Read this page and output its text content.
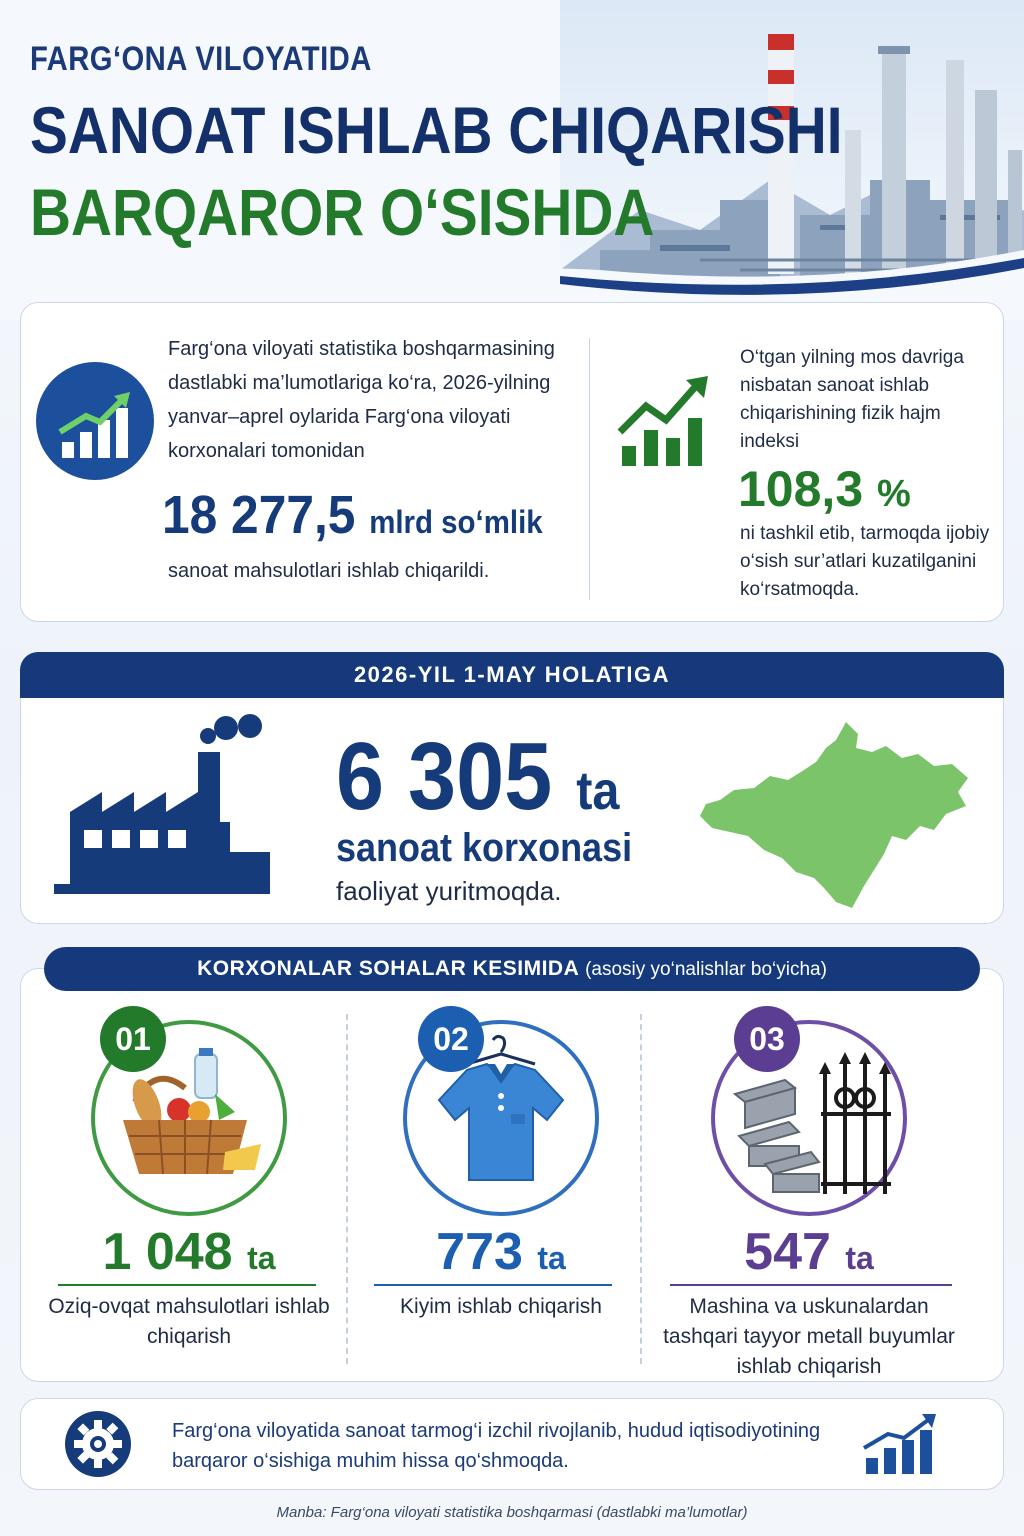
FARG‘ONA VILOYATIDA
SANOAT ISHLAB CHIQARISHI
BARQAROR O‘SISHDA
Farg‘ona viloyati statistika boshqarmasining dastlabki ma’lumotlariga ko‘ra, 2026-yilning yanvar–aprel oylarida Farg‘ona viloyati korxonalari tomonidan
18 277,5 mlrd so‘mlik
sanoat mahsulotlari ishlab chiqarildi.
O‘tgan yilning mos davriga nisbatan sanoat ishlab chiqarishining fizik hajm indeksi
108,3 %
ni tashkil etib, tarmoqda ijobiy o‘sish sur’atlari kuzatilganini ko‘rsatmoqda.
2026-YIL 1-MAY HOLATIGA
6 305 ta
sanoat korxonasi
faoliyat yuritmoqda.
KORXONALAR SOHALAR KESIMIDA (asosiy yo‘nalishlar bo‘yicha)
01
1 048 ta
Oziq-ovqat mahsulotlari ishlab chiqarish
02
773 ta
Kiyim ishlab chiqarish
03
547 ta
Mashina va uskunalardan tashqari tayyor metall buyumlar ishlab chiqarish
Farg‘ona viloyatida sanoat tarmog‘i izchil rivojlanib, hudud iqtisodiyotining barqaror o‘sishiga muhim hissa qo‘shmoqda.
Manba: Farg‘ona viloyati statistika boshqarmasi (dastlabki ma’lumotlar)
